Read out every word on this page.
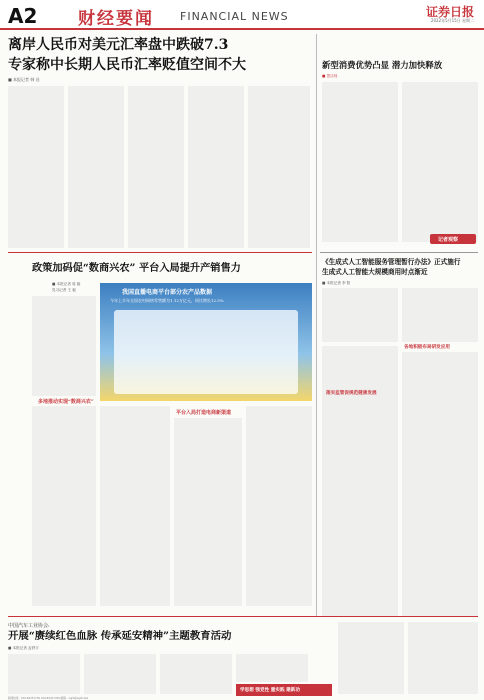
A2 财经要闻 FINANCIAL NEWS	证券日报
2022年5月15日 星期二
离岸人民币对美元汇率盘中跌破7.3
专家称中长期人民币汇率贬值空间不大
■ 本报记者 韩 昌
新型消费优势凸显 潜力加快释放
■ 思洁现
记者观察
政策加码促“数商兴农” 平台入局提升产销售力
■ 本报记者 周 毅
见习记者 王 毅	我国直播电商平台部分农产品数据
今年上半年全国农村网络零售额为1.12万亿元，同比增长12.5%
多地推动实现“数商兴农”
平台入局打造电商新渠道
《生成式人工智能服务管理暂行办法》正式施行
生成式人工智能大规模商用时点渐近
■ 本报记者 李 阳
各地积极布局研发应用
落实监管促规范健康发展
中国汽车工业协会:
开展“赓续红色血脉 传承延安精神”主题教育活动
■ 本报记者 孟舒宇
学思想 强党性 重实践 建新功
新闻热线：010-83251730 010-83251760 邮箱：zqrb@zqrb.net
